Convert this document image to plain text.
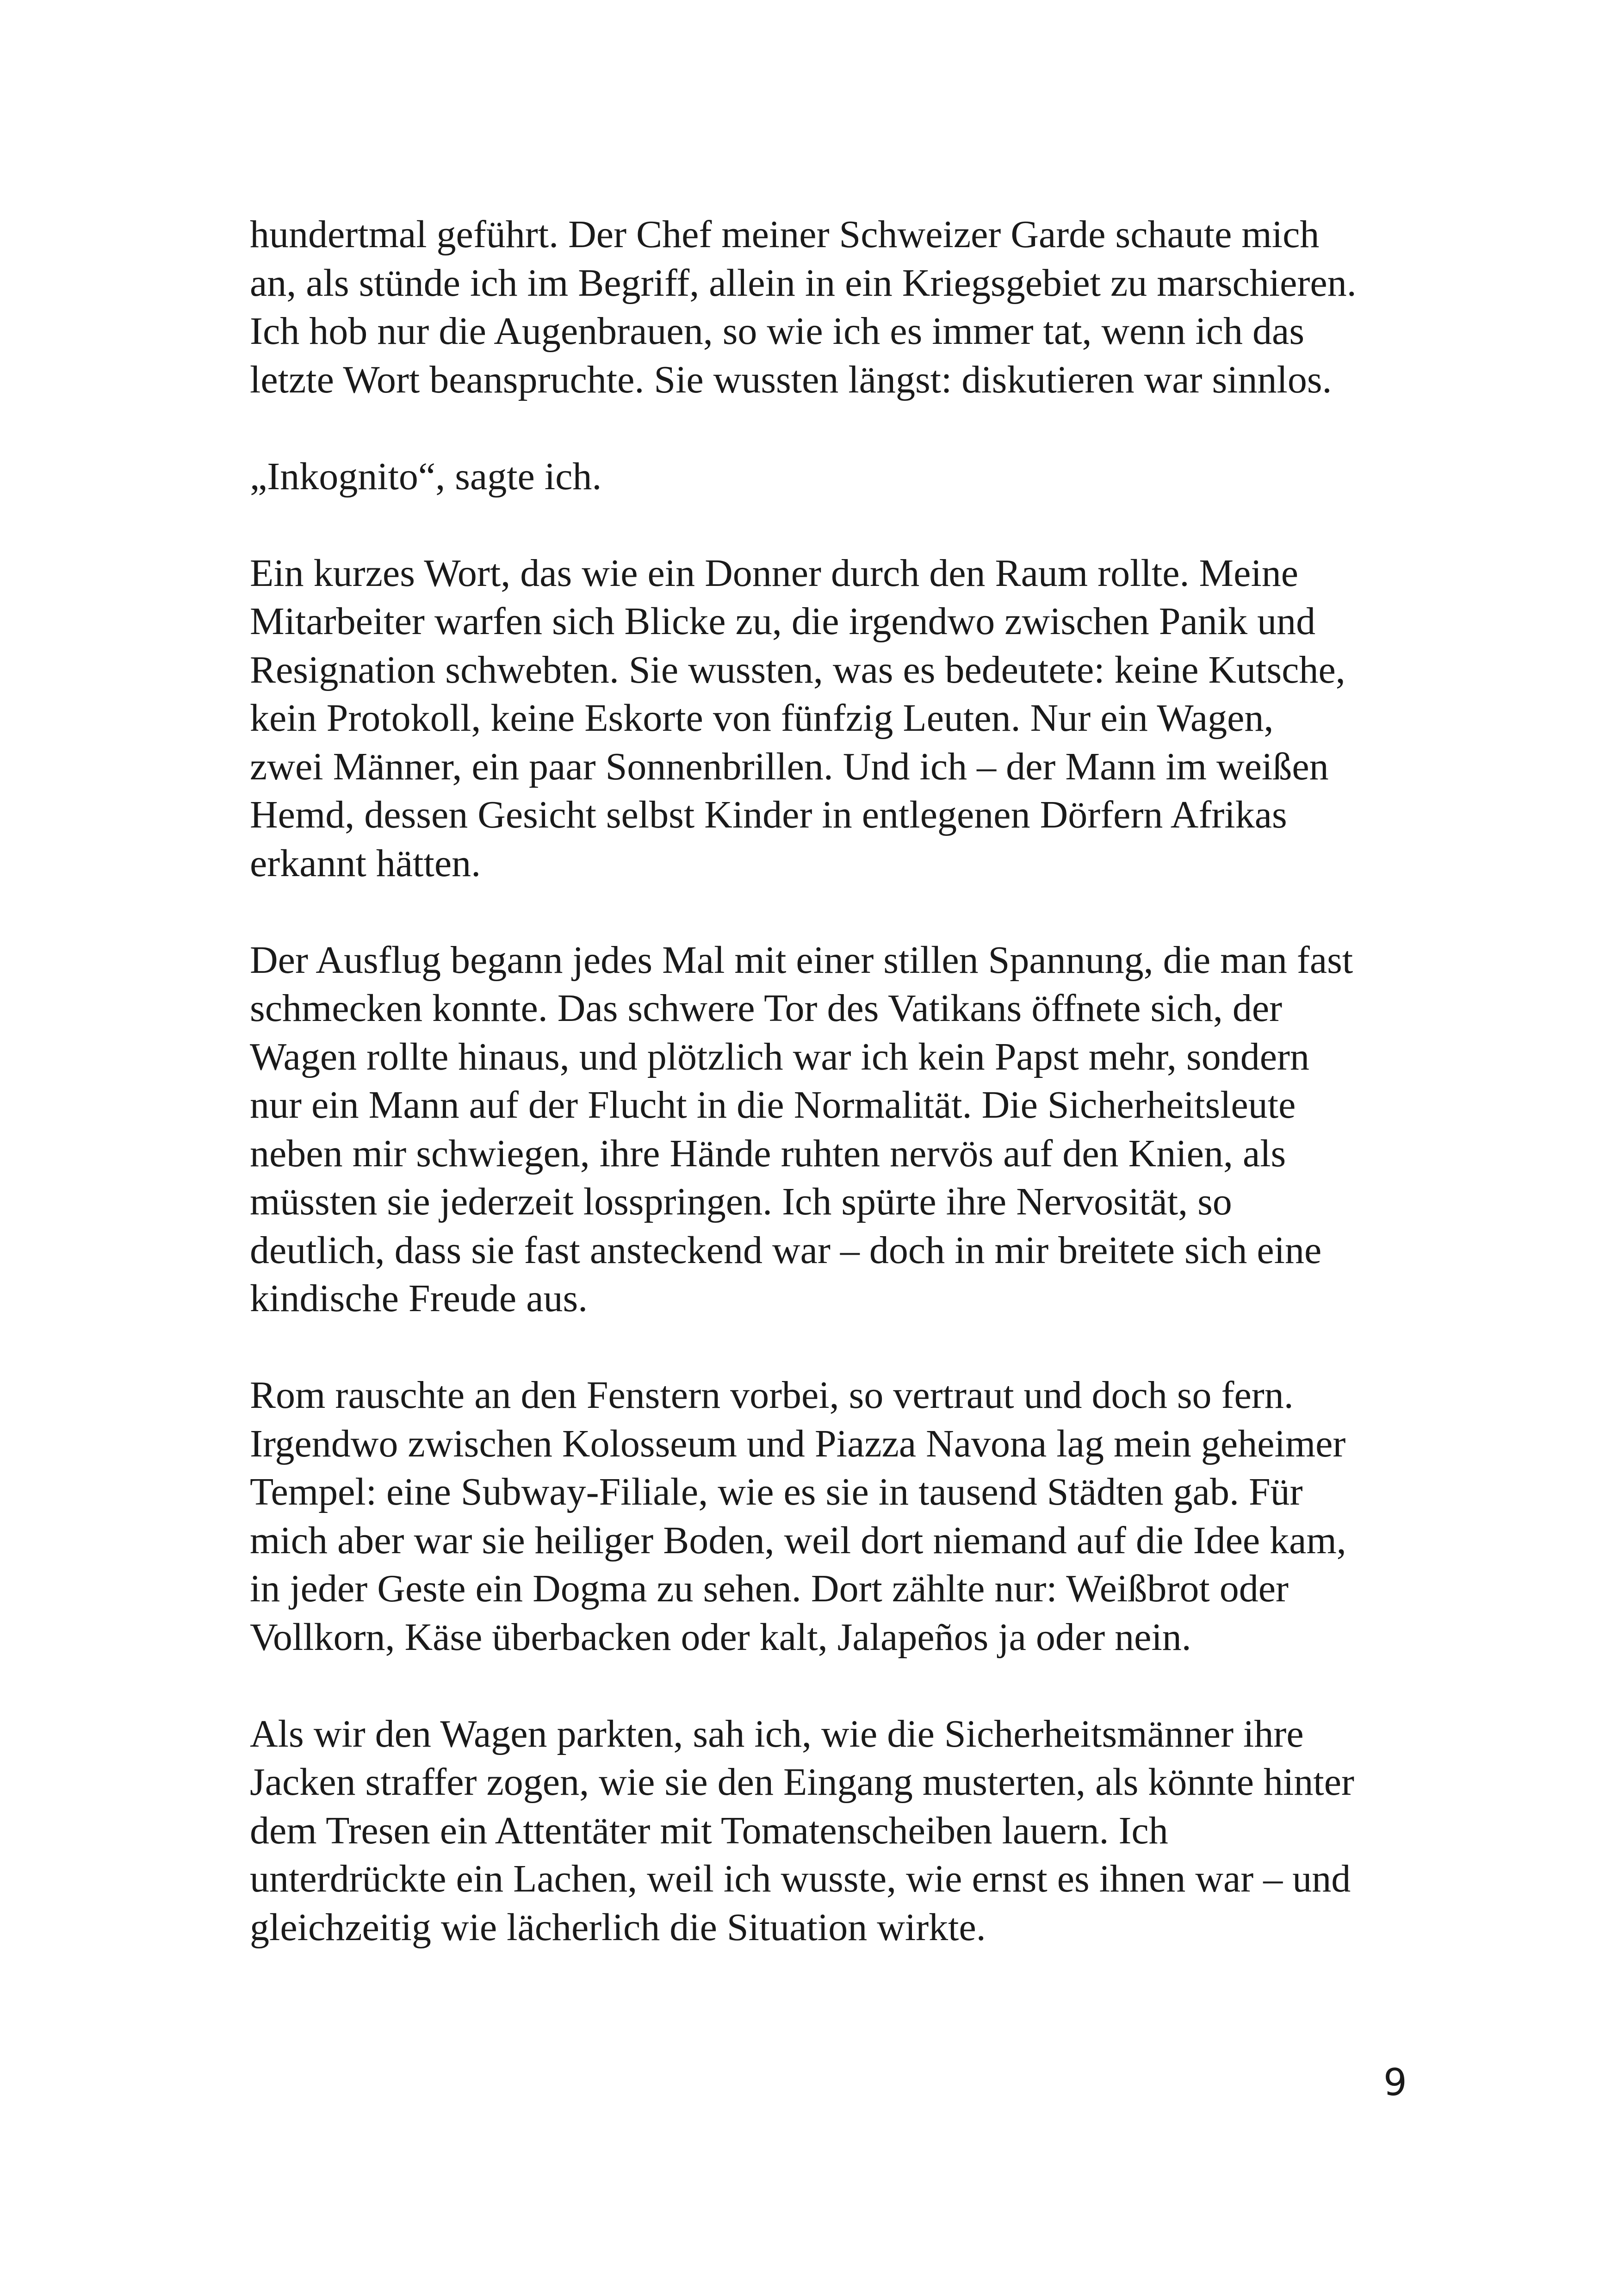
hundertmal geführt. Der Chef meiner Schweizer Garde schaute mich
an, als stünde ich im Begriff, allein in ein Kriegsgebiet zu marschieren.
Ich hob nur die Augenbrauen, so wie ich es immer tat, wenn ich das
letzte Wort beanspruchte. Sie wussten längst: diskutieren war sinnlos.
„Inkognito“, sagte ich.
Ein kurzes Wort, das wie ein Donner durch den Raum rollte. Meine
Mitarbeiter warfen sich Blicke zu, die irgendwo zwischen Panik und
Resignation schwebten. Sie wussten, was es bedeutete: keine Kutsche,
kein Protokoll, keine Eskorte von fünfzig Leuten. Nur ein Wagen,
zwei Männer, ein paar Sonnenbrillen. Und ich – der Mann im weißen
Hemd, dessen Gesicht selbst Kinder in entlegenen Dörfern Afrikas
erkannt hätten.
Der Ausflug begann jedes Mal mit einer stillen Spannung, die man fast
schmecken konnte. Das schwere Tor des Vatikans öffnete sich, der
Wagen rollte hinaus, und plötzlich war ich kein Papst mehr, sondern
nur ein Mann auf der Flucht in die Normalität. Die Sicherheitsleute
neben mir schwiegen, ihre Hände ruhten nervös auf den Knien, als
müssten sie jederzeit losspringen. Ich spürte ihre Nervosität, so
deutlich, dass sie fast ansteckend war – doch in mir breitete sich eine
kindische Freude aus.
Rom rauschte an den Fenstern vorbei, so vertraut und doch so fern.
Irgendwo zwischen Kolosseum und Piazza Navona lag mein geheimer
Tempel: eine Subway-Filiale, wie es sie in tausend Städten gab. Für
mich aber war sie heiliger Boden, weil dort niemand auf die Idee kam,
in jeder Geste ein Dogma zu sehen. Dort zählte nur: Weißbrot oder
Vollkorn, Käse überbacken oder kalt, Jalapeños ja oder nein.
Als wir den Wagen parkten, sah ich, wie die Sicherheitsmänner ihre
Jacken straffer zogen, wie sie den Eingang musterten, als könnte hinter
dem Tresen ein Attentäter mit Tomatenscheiben lauern. Ich
unterdrückte ein Lachen, weil ich wusste, wie ernst es ihnen war – und
gleichzeitig wie lächerlich die Situation wirkte.
9
